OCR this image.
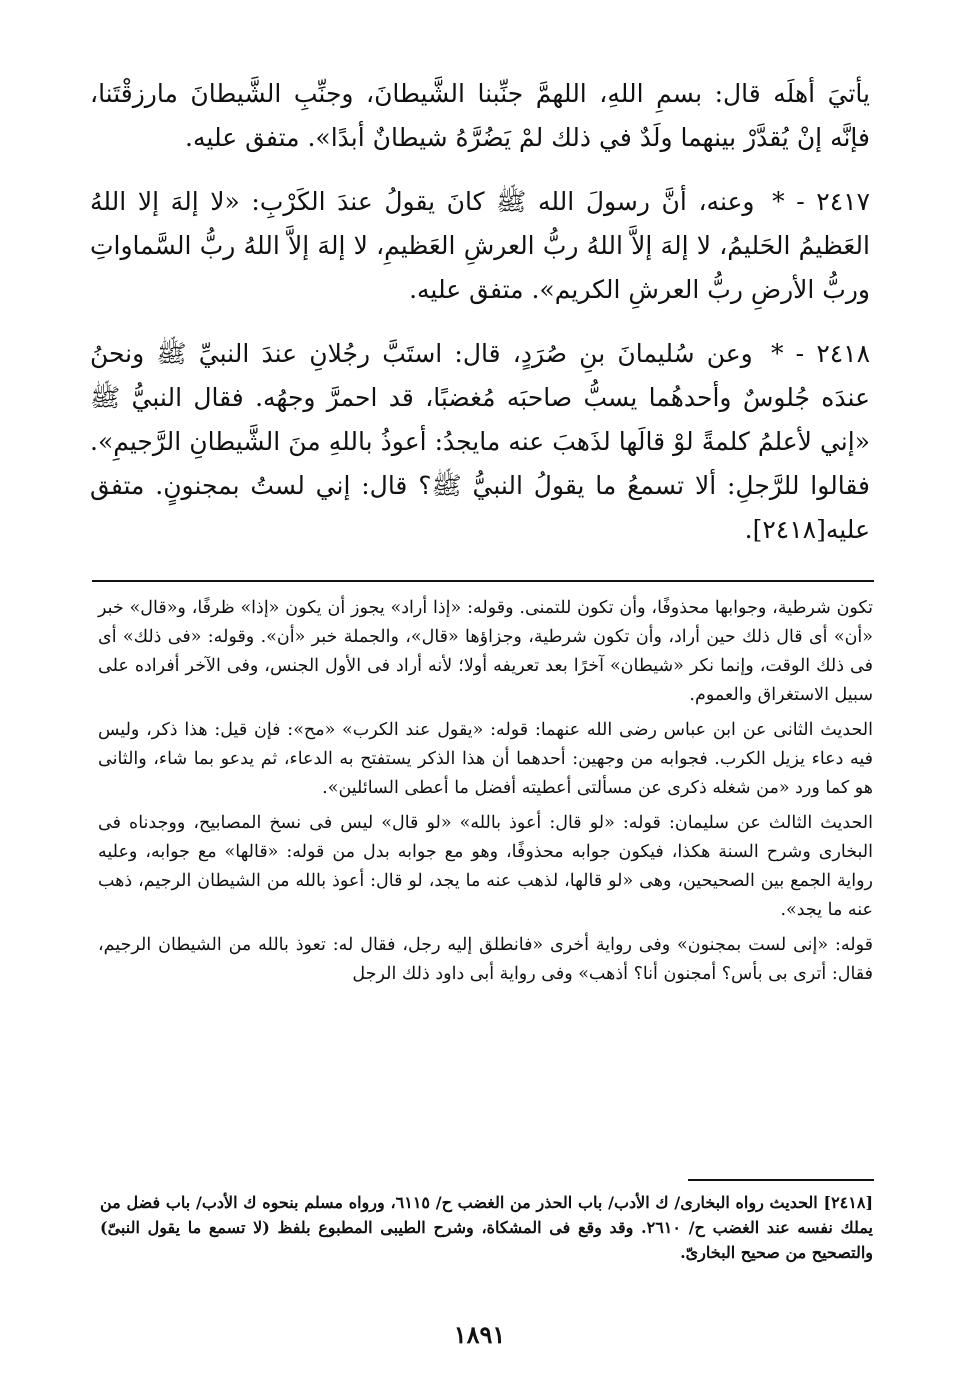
يأتيَ أهلَه قال: بسمِ اللهِ، اللهمَّ جنِّبنا الشَّيطانَ، وجنِّبِ الشَّيطانَ مارزقْتَنا، فإنَّه إنْ يُقدَّرْ بينهما ولَدٌ في ذلك لمْ يَضُرَّهُ شيطانٌ أبدًا». متفق عليه.

٢٤١٧ - * وعنه، أنَّ رسولَ الله ﷺ كانَ يقولُ عندَ الكَرْبِ: «لا إلهَ إلا اللهُ العَظيمُ الحَليمُ، لا إلهَ إلاَّ اللهُ ربُّ العرشِ العَظيمِ، لا إلهَ إلاَّ اللهُ ربُّ السَّماواتِ وربُّ الأرضِ ربُّ العرشِ الكريم». متفق عليه.

٢٤١٨ - * وعن سُليمانَ بنِ صُرَدٍ، قال: استَبَّ رجُلانِ عندَ النبيِّ ﷺ ونحنُ عندَه جُلوسٌ وأحدهُما يسبُّ صاحبَه مُغضبًا، قد احمرَّ وجهُه. فقال النبيُّ ﷺ «إني لأعلمُ كلمةً لوْ قالَها لذَهبَ عنه مايجدُ: أعوذُ باللهِ منَ الشَّيطانِ الرَّجيمِ». فقالوا للرَّجلِ: ألا تسمعُ ما يقولُ النبيُّ ﷺ؟ قال: إني لستُ بمجنونٍ. متفق عليه[٢٤١٨].

تكون شرطية، وجوابها محذوفًا، وأن تكون للتمنى. وقوله: «إذا أراد» يجوز أن يكون «إذا» ظرفًا، و«قال» خبر «أن» أى قال ذلك حين أراد، وأن تكون شرطية، وجزاؤها «قال»، والجملة خبر «أن». وقوله: «فى ذلك» أى فى ذلك الوقت، وإنما نكر «شيطان» آخرًا بعد تعريفه أولا؛ لأنه أراد فى الأول الجنس، وفى الآخر أفراده على سبيل الاستغراق والعموم.

الحديث الثانى عن ابن عباس رضى الله عنهما: قوله: «يقول عند الكرب» «مح»: فإن قيل: هذا ذكر، وليس فيه دعاء يزيل الكرب. فجوابه من وجهين: أحدهما أن هذا الذكر يستفتح به الدعاء، ثم يدعو بما شاء، والثانى هو كما ورد «من شغله ذكرى عن مسألتى أعطيته أفضل ما أعطى السائلين».

الحديث الثالث عن سليمان: قوله: «لو قال: أعوذ بالله» «لو قال» ليس فى نسخ المصابيح، ووجدناه فى البخارى وشرح السنة هكذا، فيكون جوابه محذوفًا، وهو مع جوابه بدل من قوله: «قالها» مع جوابه، وعليه رواية الجمع بين الصحيحين، وهى «لو قالها، لذهب عنه ما يجد، لو قال: أعوذ بالله من الشيطان الرجيم، ذهب عنه ما يجد».

قوله: «إنى لست بمجنون» وفى رواية أخرى «فانطلق إليه رجل، فقال له: تعوذ بالله من الشيطان الرجيم، فقال: أترى بى بأس؟ أمجنون أنا؟ أذهب» وفى رواية أبى داود ذلك الرجل

[٢٤١٨] الحديث رواه البخارى/ ك الأدب/ باب الحذر من الغضب ح/ ٦١١٥، ورواه مسلم بنحوه ك الأدب/ باب فضل من يملك نفسه عند الغضب ح/ ٢٦١٠. وقد وقع فى المشكاة، وشرح الطيبى المطبوع بلفظ (لا تسمع ما يقول النبىّ) والتصحيح من صحيح البخارىّ.

١٨٩١
